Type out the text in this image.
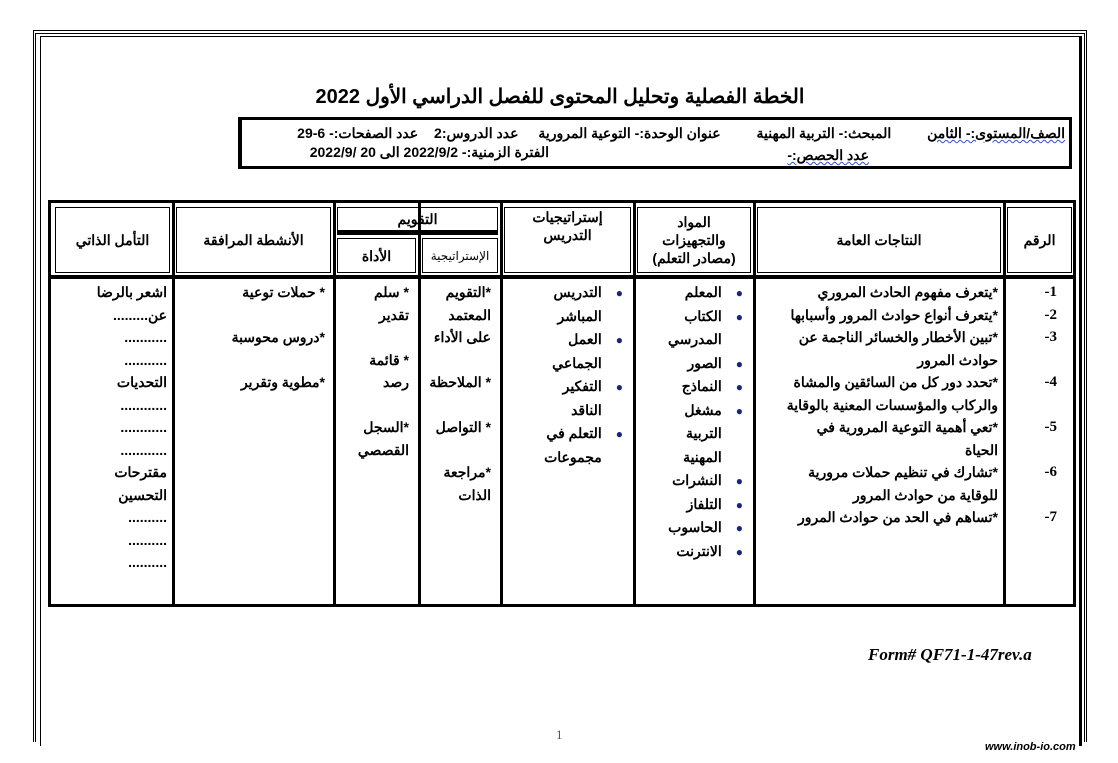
الخطة الفصلية وتحليل المحتوى للفصل الدراسي الأول 2022
الصف/المستوى:- الثامن المبحث:- التربية المهنية عنوان الوحدة:- التوعية المرورية عدد الدروس:2 عدد الصفحات:- 6-29
عدد الحصص:-
الفترة الزمنية:- 2022/9/2 الى 20 /2022/9
الرقم
النتاجات العامة
المواد
والتجهيزات
(مصادر التعلم)
إستراتيجيات
التدريس
التقويم
الإستراتيجية
الأداة
الأنشطة المرافقة
التأمل الذاتي
1-
2-
3-

4-

5-

6-

7-
*يتعرف مفهوم الحادث المروري
*يتعرف أنواع حوادث المرور وأسبابها
*تبين الأخطار والخسائر الناجمة عن
حوادث المرور
*تحدد دور كل من السائقين والمشاة
والركاب والمؤسسات المعنية بالوقاية
*تعي أهمية التوعية المرورية في
الحياة
*تشارك في تنظيم حملات مرورية
للوقاية من حوادث المرور
*تساهم في الحد من حوادث المرور
●المعلم
●الكتاب
المدرسي
●الصور
●النماذج
●مشغل
التربية
المهنية
●النشرات
●التلفاز
●الحاسوب
●الانترنت
●التدريس
المباشر
●العمل
الجماعي
●التفكير
الناقد
●التعلم في
مجموعات
*التقويم
المعتمد
على الأداء

* الملاحظة

* التواصل

*مراجعة
الذات
* سلم
تقدير

* قائمة
رصد

*السجل
القصصي
* حملات توعية

*دروس محوسبة

*مطوية وتقرير
اشعر بالرضا
عن.........
...........
...........
التحديات
............
............
............
مقترحات
التحسين
..........
..........
..........
Form# QF71-1-47rev.a
1
www.inob-io.com
